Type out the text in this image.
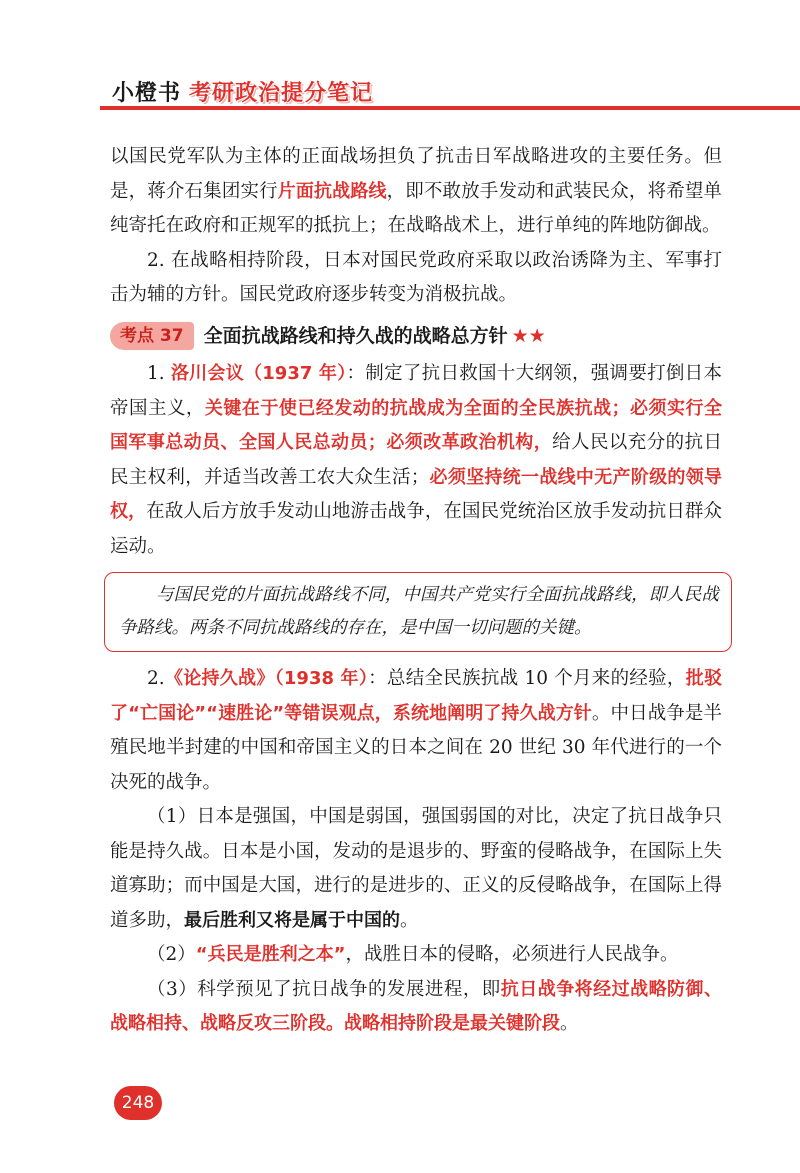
小橙书 考研政治提分笔记

以国民党军队为主体的正面战场担负了抗击日军战略进攻的主要任务。但是，蒋介石集团实行片面抗战路线，即不敢放手发动和武装民众，将希望单纯寄托在政府和正规军的抵抗上；在战略战术上，进行单纯的阵地防御战。

2. 在战略相持阶段，日本对国民党政府采取以政治诱降为主、军事打击为辅的方针。国民党政府逐步转变为消极抗战。

考点 37	全面抗战路线和持久战的战略总方针 ★★

1. 洛川会议（1937 年）：制定了抗日救国十大纲领，强调要打倒日本帝国主义，关键在于使已经发动的抗战成为全面的全民族抗战；必须实行全国军事总动员、全国人民总动员；必须改革政治机构，给人民以充分的抗日民主权利，并适当改善工农大众生活；必须坚持统一战线中无产阶级的领导权，在敌人后方放手发动山地游击战争，在国民党统治区放手发动抗日群众运动。

与国民党的片面抗战路线不同，中国共产党实行全面抗战路线，即人民战争路线。两条不同抗战路线的存在，是中国一切问题的关键。

2.《论持久战》（1938 年）：总结全民族抗战 10 个月来的经验，批驳了“亡国论”“速胜论”等错误观点，系统地阐明了持久战方针。中日战争是半殖民地半封建的中国和帝国主义的日本之间在 20 世纪 30 年代进行的一个决死的战争。

（1）日本是强国，中国是弱国，强国弱国的对比，决定了抗日战争只能是持久战。日本是小国，发动的是退步的、野蛮的侵略战争，在国际上失道寡助；而中国是大国，进行的是进步的、正义的反侵略战争，在国际上得道多助，最后胜利又将是属于中国的。

（2）“兵民是胜利之本”，战胜日本的侵略，必须进行人民战争。

（3）科学预见了抗日战争的发展进程，即抗日战争将经过战略防御、战略相持、战略反攻三阶段。战略相持阶段是最关键阶段。

248
